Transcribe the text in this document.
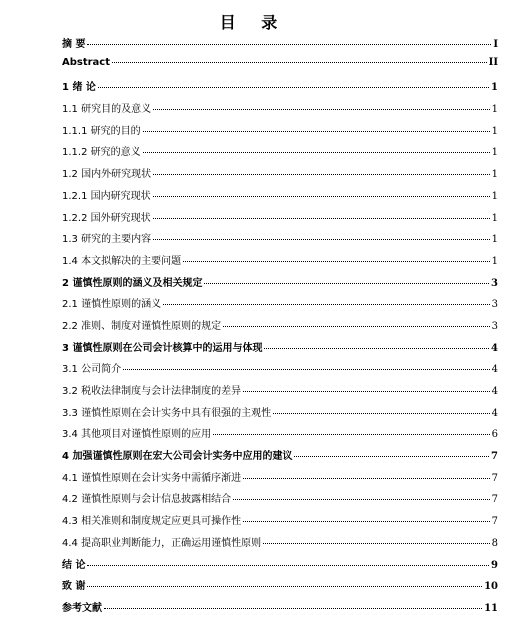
目 录
摘 要	I
Abstract	II
1 绪 论	1
1.1 研究目的及意义	1
1.1.1 研究的目的	1
1.1.2 研究的意义	1
1.2 国内外研究现状	1
1.2.1 国内研究现状	1
1.2.2 国外研究现状	1
1.3 研究的主要内容	1
1.4 本文拟解决的主要问题	1
2 谨慎性原则的涵义及相关规定	3
2.1 谨慎性原则的涵义	3
2.2 准则、制度对谨慎性原则的规定	3
3 谨慎性原则在公司会计核算中的运用与体现	4
3.1 公司简介	4
3.2 税收法律制度与会计法律制度的差异	4
3.3 谨慎性原则在会计实务中具有很强的主观性	4
3.4 其他项目对谨慎性原则的应用	6
4 加强谨慎性原则在宏大公司会计实务中应用的建议	7
4.1 谨慎性原则在会计实务中需循序渐进	7
4.2 谨慎性原则与会计信息披露相结合	7
4.3 相关准则和制度规定应更具可操作性	7
4.4 提高职业判断能力，正确运用谨慎性原则	8
结 论	9
致 谢	10
参考文献	11
